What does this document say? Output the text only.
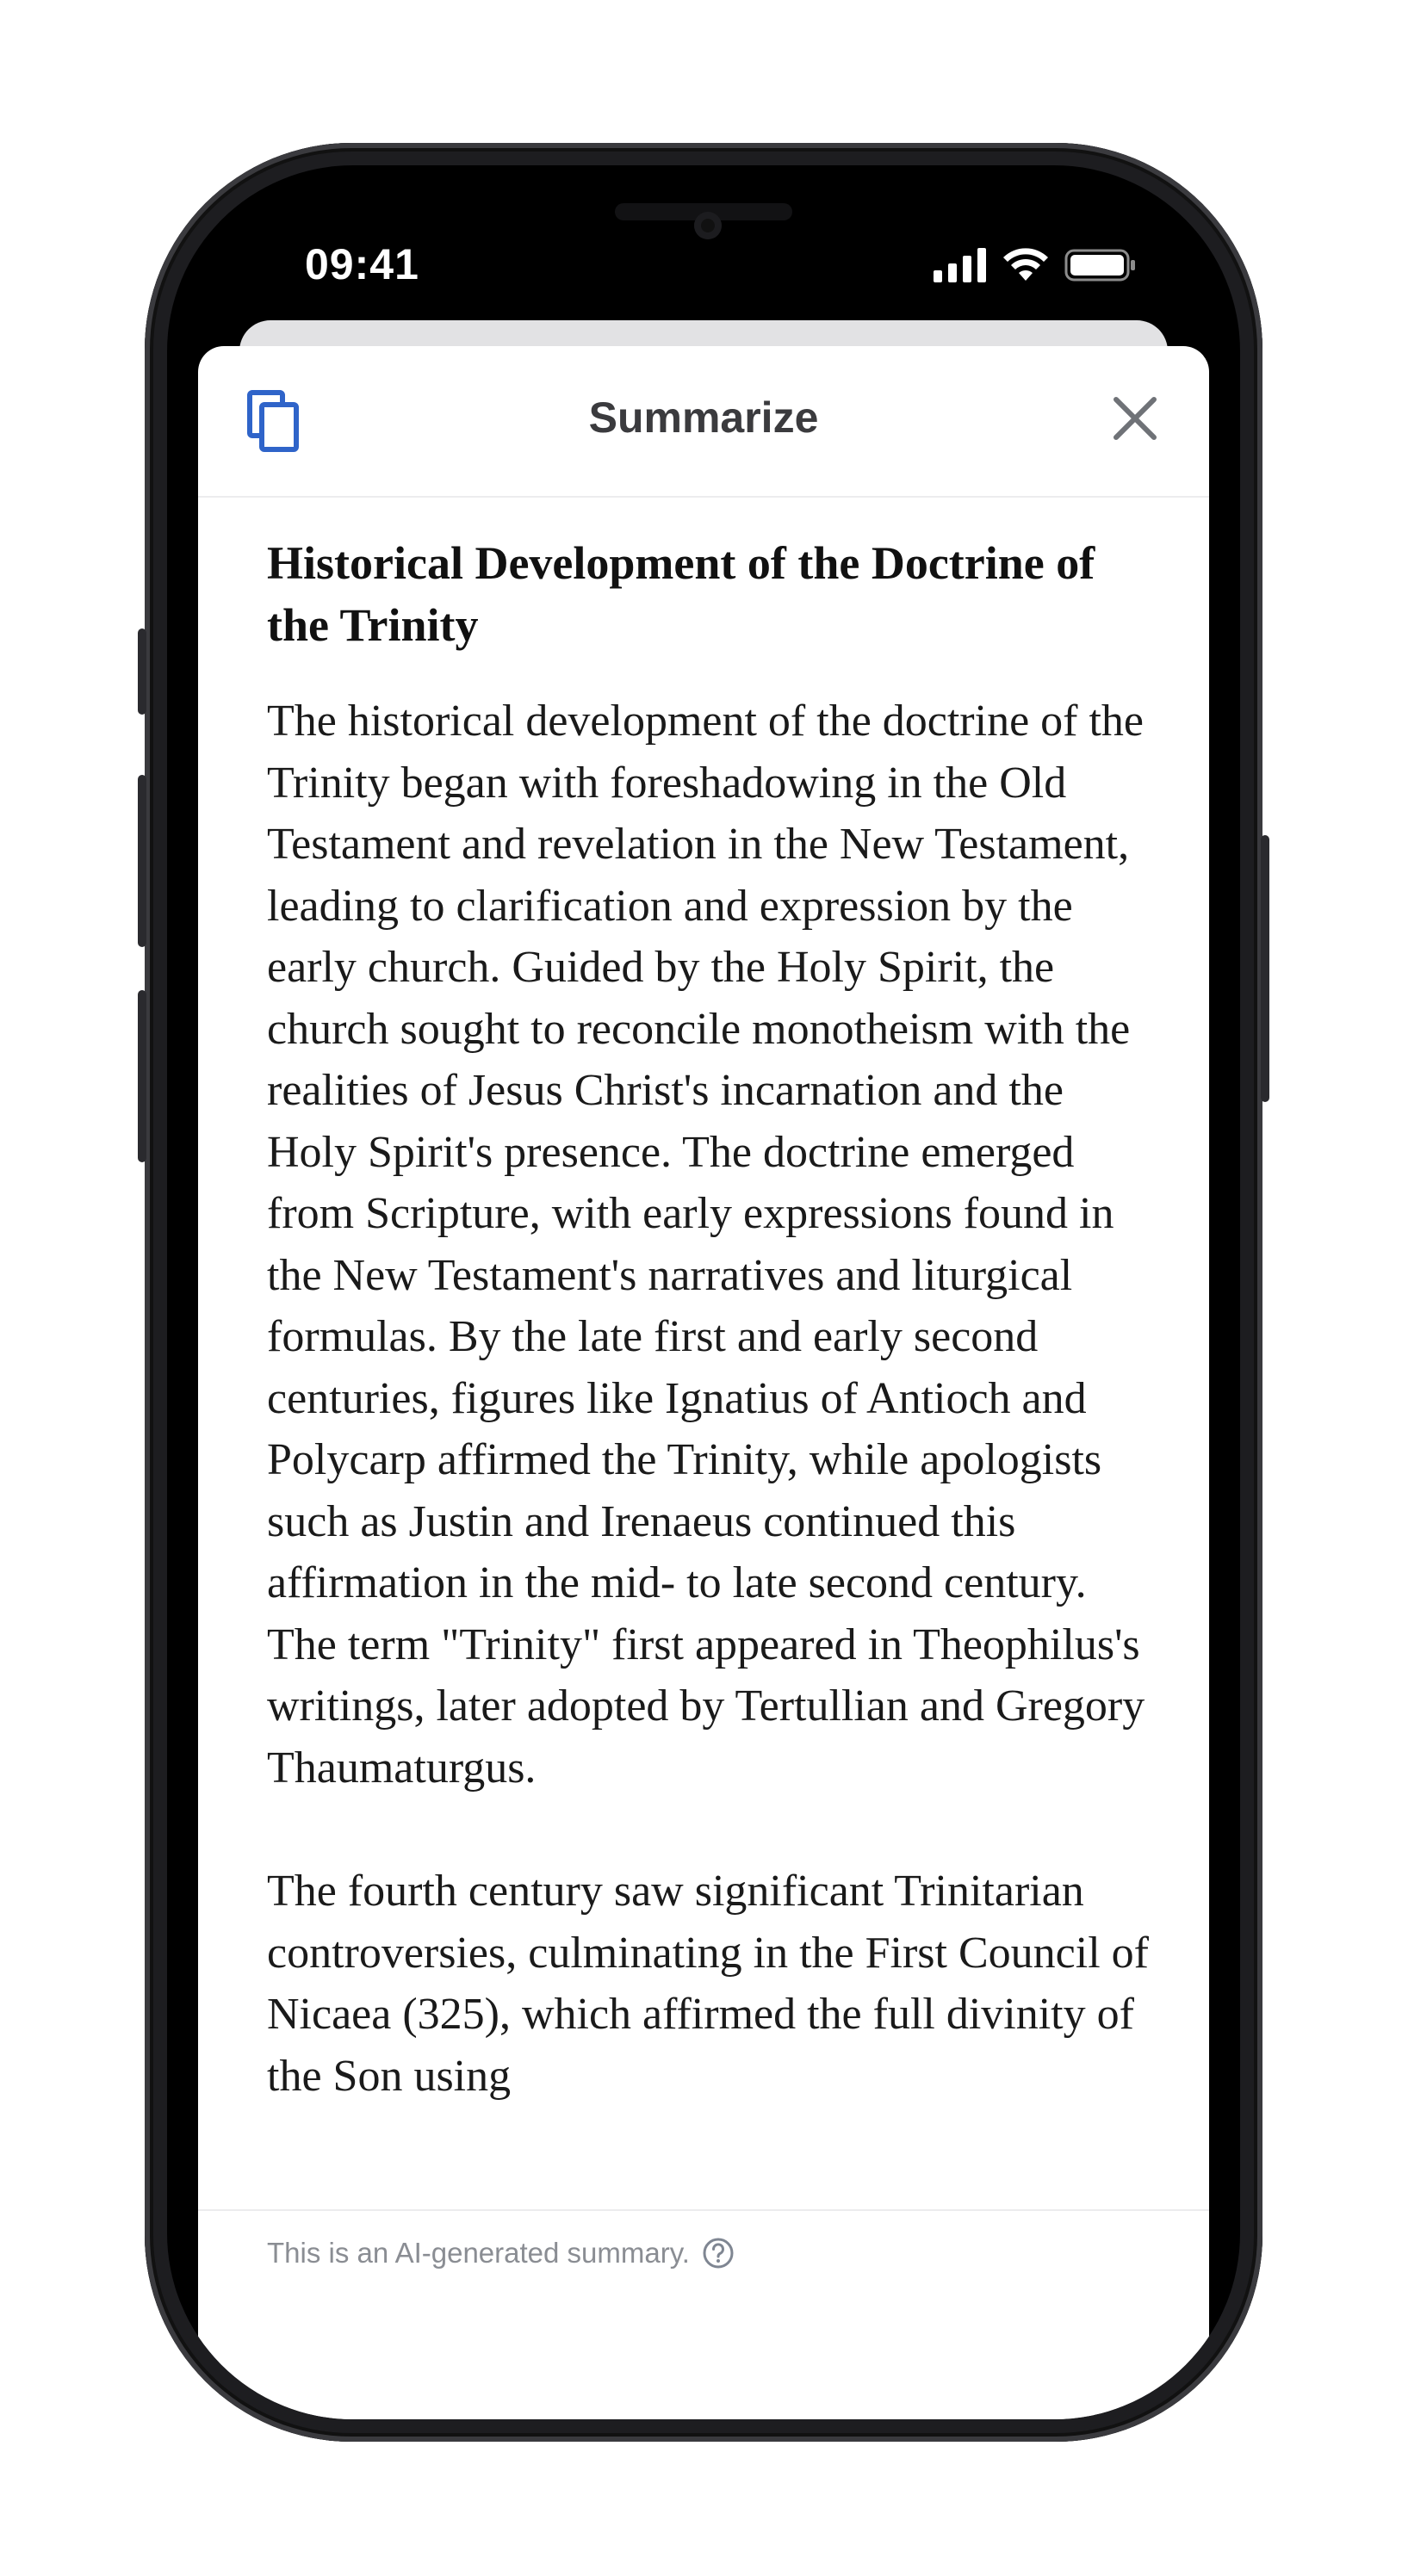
09:41
Summarize
Historical Development of the Doctrine of the Trinity

The historical development of the doctrine of the Trinity began with foreshadowing in the Old Testament and revelation in the New Testament, leading to clarification and expression by the early church. Guided by the Holy Spirit, the church sought to reconcile monotheism with the realities of Jesus Christ's incarnation and the Holy Spirit's presence. The doctrine emerged from Scripture, with early expressions found in the New Testament's narratives and liturgical formulas. By the late first and early second centuries, figures like Ignatius of Antioch and Polycarp affirmed the Trinity, while apologists such as Justin and Irenaeus continued this affirmation in the mid- to late second century. The term "Trinity" first appeared in Theophilus's writings, later adopted by Tertullian and Gregory Thaumaturgus.

The fourth century saw significant Trinitarian controversies, culminating in the First Council of Nicaea (325), which affirmed the full divinity of the Son using

This is an AI-generated summary.
